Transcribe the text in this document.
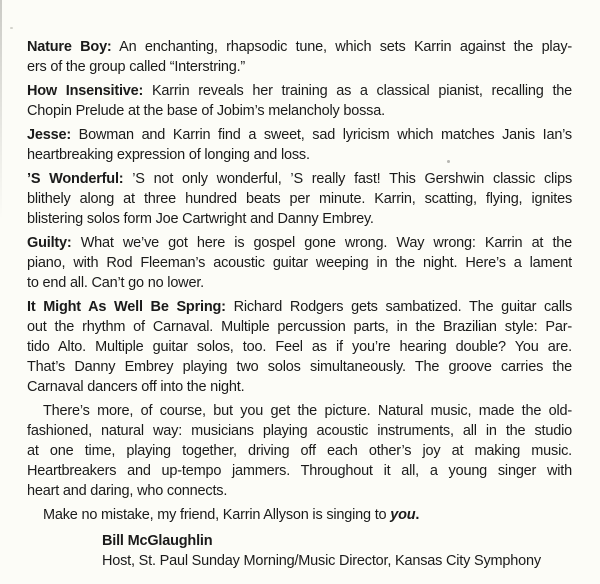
Nature Boy: An enchanting, rhapsodic tune, which sets Karrin against the play-
ers of the group called “Interstring.”
How Insensitive: Karrin reveals her training as a classical pianist, recalling the
Chopin Prelude at the base of Jobim’s melancholy bossa.
Jesse: Bowman and Karrin find a sweet, sad lyricism which matches Janis Ian’s
heartbreaking expression of longing and loss.
’S Wonderful: ’S not only wonderful, ’S really fast! This Gershwin classic clips
blithely along at three hundred beats per minute. Karrin, scatting, flying, ignites
blistering solos form Joe Cartwright and Danny Embrey.
Guilty: What we’ve got here is gospel gone wrong. Way wrong: Karrin at the
piano, with Rod Fleeman’s acoustic guitar weeping in the night. Here’s a lament
to end all. Can’t go no lower.
It Might As Well Be Spring: Richard Rodgers gets sambatized. The guitar calls
out the rhythm of Carnaval. Multiple percussion parts, in the Brazilian style: Par-
tido Alto. Multiple guitar solos, too. Feel as if you’re hearing double? You are.
That’s Danny Embrey playing two solos simultaneously. The groove carries the
Carnaval dancers off into the night.
There’s more, of course, but you get the picture. Natural music, made the old-
fashioned, natural way: musicians playing acoustic instruments, all in the studio
at one time, playing together, driving off each other’s joy at making music.
Heartbreakers and up-tempo jammers. Throughout it all, a young singer with
heart and daring, who connects.
Make no mistake, my friend, Karrin Allyson is singing to you.
Bill McGlaughlin
Host, St. Paul Sunday Morning/Music Director, Kansas City Symphony
